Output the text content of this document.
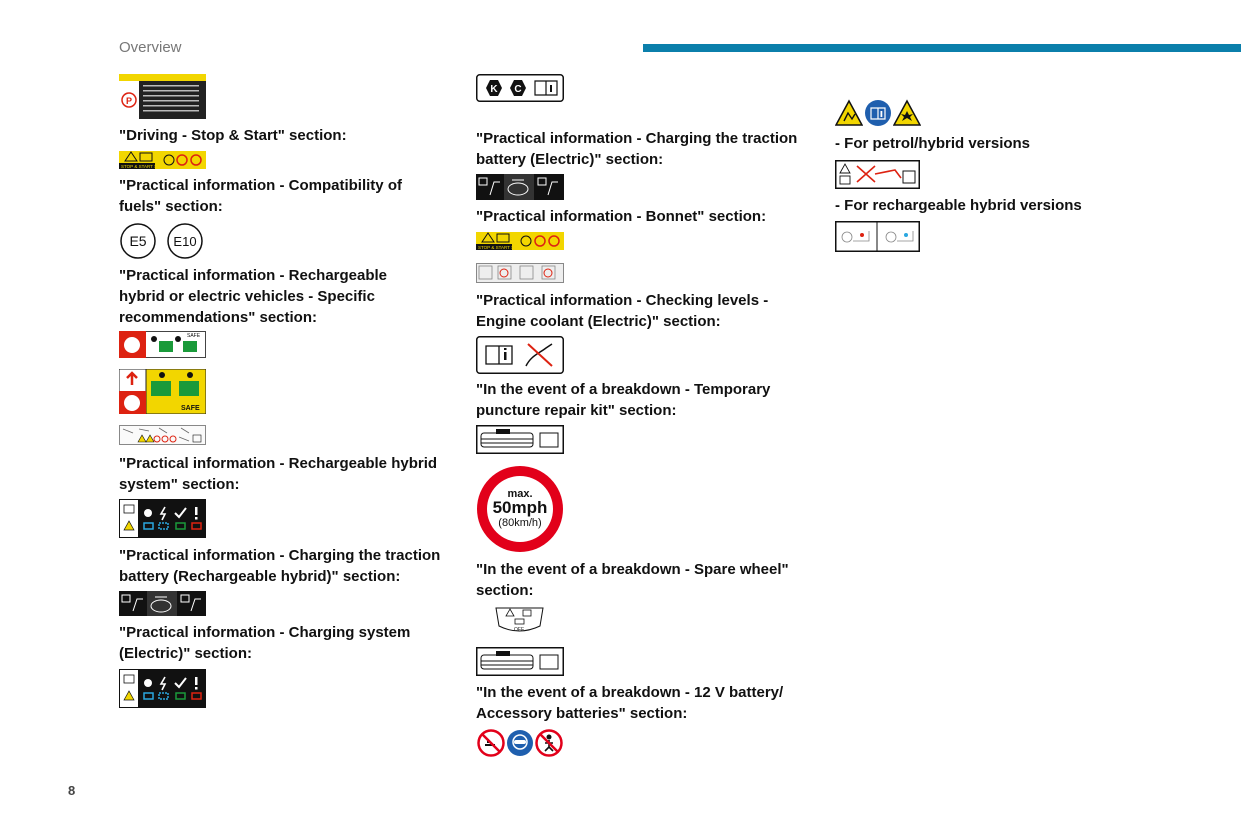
Overview
P
"Driving - Stop & Start" section:
STOP & START SYSTEM
"Practical information - Compatibility of fuels" section:
E5 E10
"Practical information - Rechargeable hybrid or electric vehicles - Specific recommendations" section:
SAFE
SAFE
"Practical information - Rechargeable hybrid system" section:
"Practical information - Charging the traction battery (Rechargeable hybrid)" section:
"Practical information - Charging system (Electric)" section:
K C
"Practical information - Charging the traction battery (Electric)" section:
"Practical information - Bonnet" section:
STOP & START SYSTEM
"Practical information - Checking levels - Engine coolant (Electric)" section:
"In the event of a breakdown - Temporary puncture repair kit" section:
max.
50mph
(80km/h)
"In the event of a breakdown - Spare wheel" section:
OFF
"In the event of a breakdown - 12 V battery/ Accessory batteries" section:
- For petrol/hybrid versions
- For rechargeable hybrid versions
8
